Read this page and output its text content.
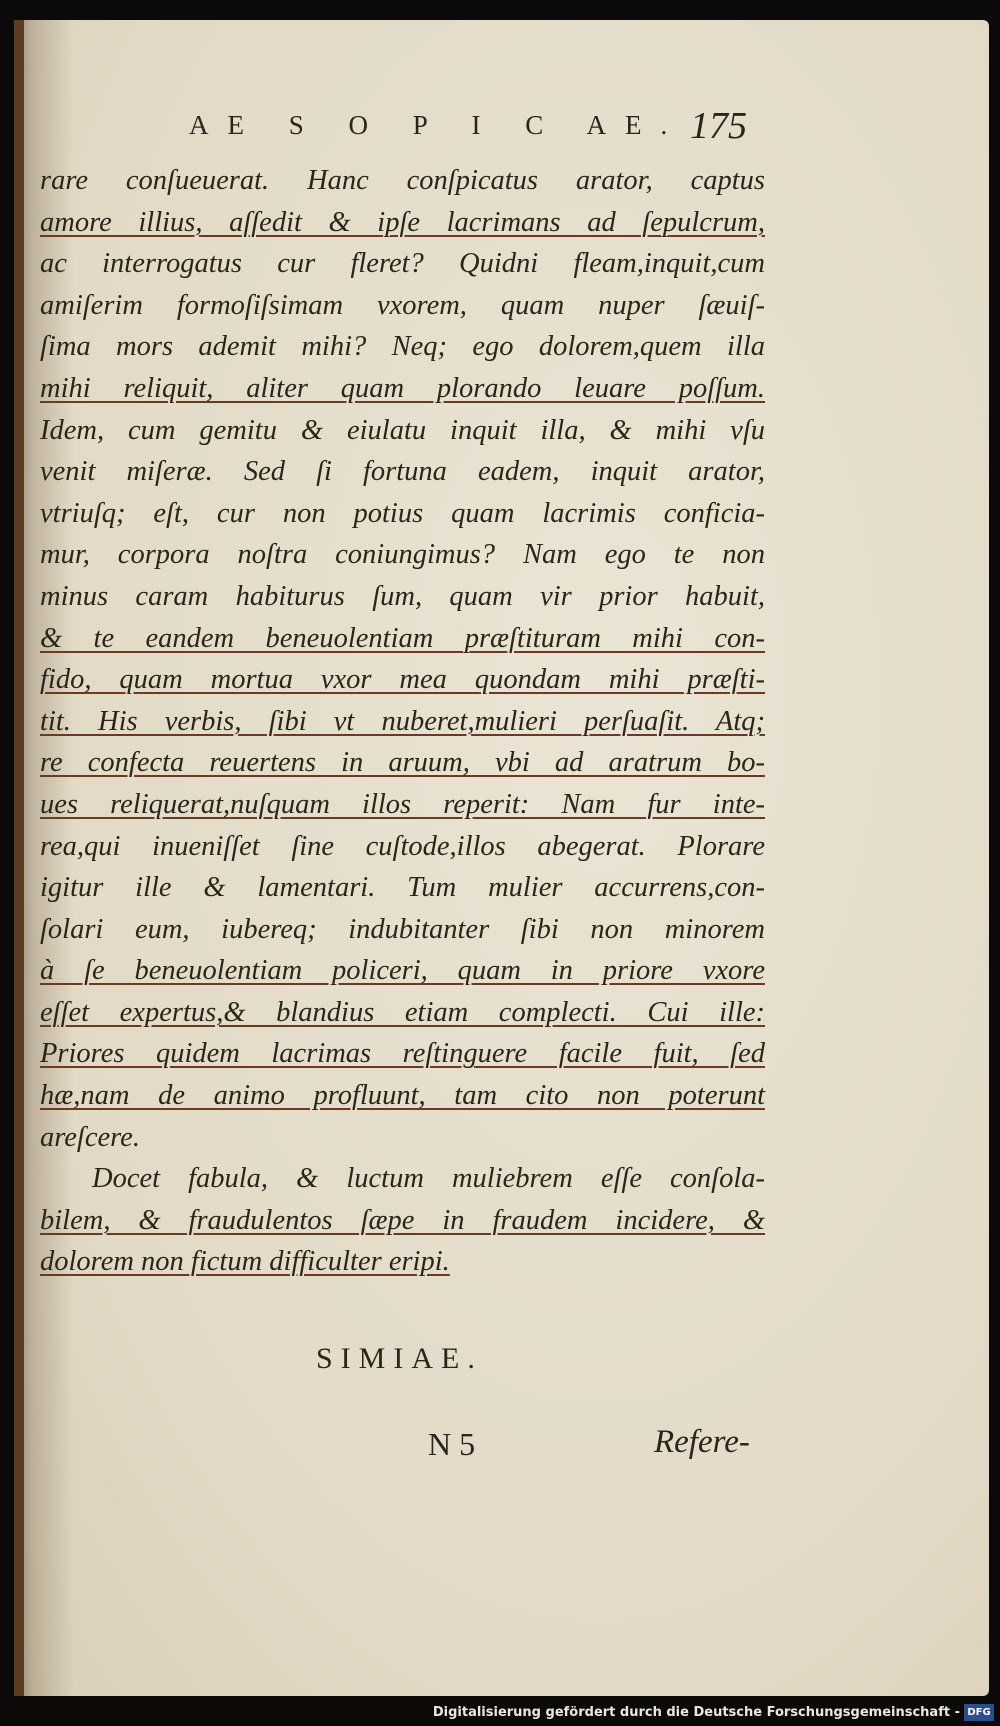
AE S O P I C AE. 175
rare conſueuerat. Hanc conſpicatus arator, captus
amore illius, aſſedit & ipſe lacrimans ad ſepulcrum,
ac interrogatus cur fleret? Quidni fleam,inquit,cum
amiſerim formoſiſsimam vxorem, quam nuper ſæuiſ-
ſima mors ademit mihi? Neq; ego dolorem,quem illa
mihi reliquit, aliter quam plorando leuare poſſum.
Idem, cum gemitu & eiulatu inquit illa, & mihi vſu
venit miſeræ. Sed ſi fortuna eadem, inquit arator,
vtriuſq; eſt, cur non potius quam lacrimis conficia-
mur, corpora noſtra coniungimus? Nam ego te non
minus caram habiturus ſum, quam vir prior habuit,
& te eandem beneuolentiam præſtituram mihi con-
fido, quam mortua vxor mea quondam mihi præſti-
tit. His verbis, ſibi vt nuberet,mulieri perſuaſit. Atq;
re confecta reuertens in aruum, vbi ad aratrum bo-
ues reliquerat,nuſquam illos reperit: Nam fur inte-
rea,qui inueniſſet ſine cuſtode,illos abegerat. Plorare
igitur ille & lamentari. Tum mulier accurrens,con-
ſolari eum, iubereq; indubitanter ſibi non minorem
à ſe beneuolentiam policeri, quam in priore vxore
eſſet expertus,& blandius etiam complecti. Cui ille:
Priores quidem lacrimas reſtinguere facile fuit, ſed
hæ,nam de animo profluunt, tam cito non poterunt
areſcere.
Docet fabula, & luctum muliebrem eſſe conſola-
bilem, & fraudulentos ſæpe in fraudem incidere, &
dolorem non fictum difficulter eripi.
SIMIAE.
N 5	Refere-
Digitalisierung gefördert durch die Deutsche Forschungsgemeinschaft - DFG
